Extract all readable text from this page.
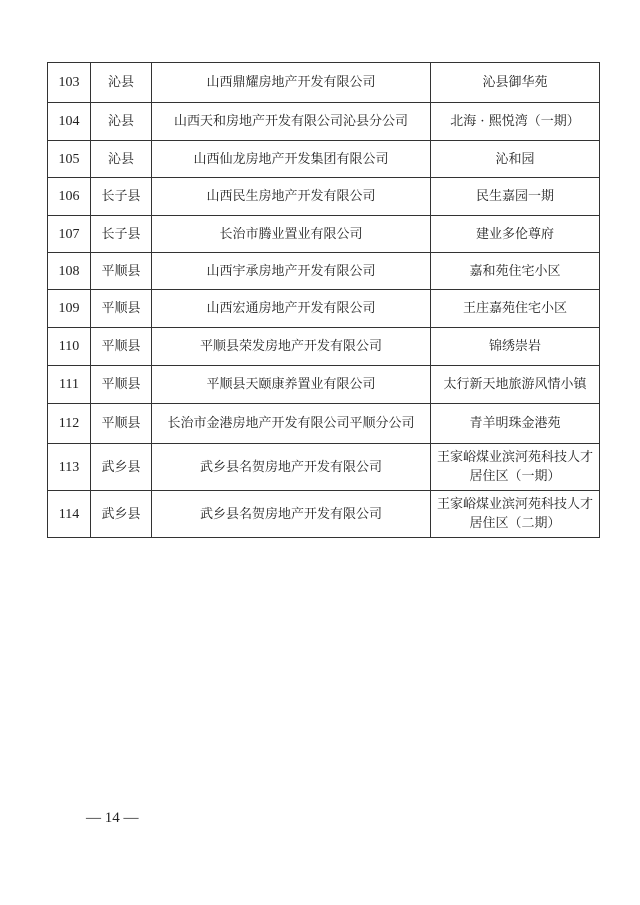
103	沁县	山西鼎耀房地产开发有限公司	沁县御华苑
104	沁县	山西天和房地产开发有限公司沁县分公司	北海 · 熙悦湾（一期）
105	沁县	山西仙龙房地产开发集团有限公司	沁和园
106	长子县	山西民生房地产开发有限公司	民生嘉园一期
107	长子县	长治市腾业置业有限公司	建业多伦尊府
108	平顺县	山西宇承房地产开发有限公司	嘉和苑住宅小区
109	平顺县	山西宏通房地产开发有限公司	王庄嘉苑住宅小区
110	平顺县	平顺县荣发房地产开发有限公司	锦绣崇岩
111	平顺县	平顺县天颐康养置业有限公司	太行新天地旅游风情小镇
112	平顺县	长治市金港房地产开发有限公司平顺分公司	青羊明珠金港苑
113	武乡县	武乡县名贺房地产开发有限公司	王家峪煤业滨河苑科技人才居住区（一期）
114	武乡县	武乡县名贺房地产开发有限公司	王家峪煤业滨河苑科技人才居住区（二期）
— 14 —
